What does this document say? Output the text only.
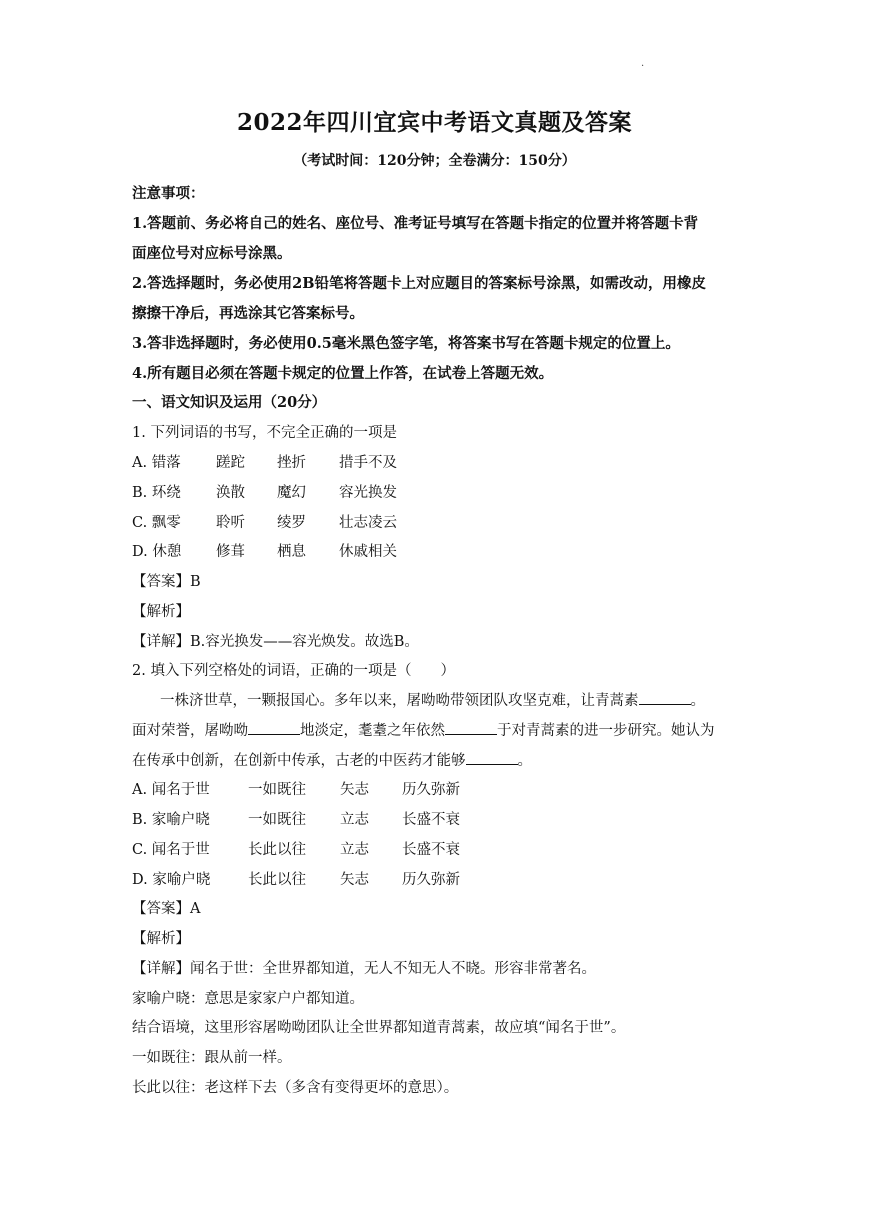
.
2022年四川宜宾中考语文真题及答案
（考试时间：120分钟；全卷满分：150分）
注意事项：
1.答题前、务必将自己的姓名、座位号、准考证号填写在答题卡指定的位置并将答题卡背
面座位号对应标号涂黑。
2.答选择题时，务必使用2B铅笔将答题卡上对应题目的答案标号涂黑，如需改动，用橡皮
擦擦干净后，再选涂其它答案标号。
3.答非选择题时，务必使用0.5毫米黑色签字笔，将答案书写在答题卡规定的位置上。
4.所有题目必须在答题卡规定的位置上作答，在试卷上答题无效。
一、语文知识及运用（20分）
1. 下列词语的书写，不完全正确的一项是
A. 错落 蹉跎 挫折 措手不及
B. 环绕 涣散 魔幻 容光换发
C. 飘零 聆听 绫罗 壮志凌云
D. 休憩 修葺 栖息 休戚相关
【答案】B
【解析】
【详解】B.容光换发——容光焕发。故选B。
2. 填入下列空格处的词语，正确的一项是（　　）
一株济世草，一颗报国心。多年以来，屠呦呦带领团队攻坚克难，让青蒿素	。
面对荣誉，屠呦呦	地淡定，耄耋之年依然	于对青蒿素的进一步研究。她认为
在传承中创新，在创新中传承，古老的中医药才能够	。
A. 闻名于世	一如既往 矢志 历久弥新
B. 家喻户晓	一如既往 立志 长盛不衰
C. 闻名于世	长此以往 立志 长盛不衰
D. 家喻户晓	长此以往 矢志 历久弥新
【答案】A
【解析】
【详解】闻名于世：全世界都知道，无人不知无人不晓。形容非常著名。
家喻户晓：意思是家家户户都知道。
结合语境，这里形容屠呦呦团队让全世界都知道青蒿素，故应填“闻名于世”。
一如既往：跟从前一样。
长此以往：老这样下去（多含有变得更坏的意思）。
